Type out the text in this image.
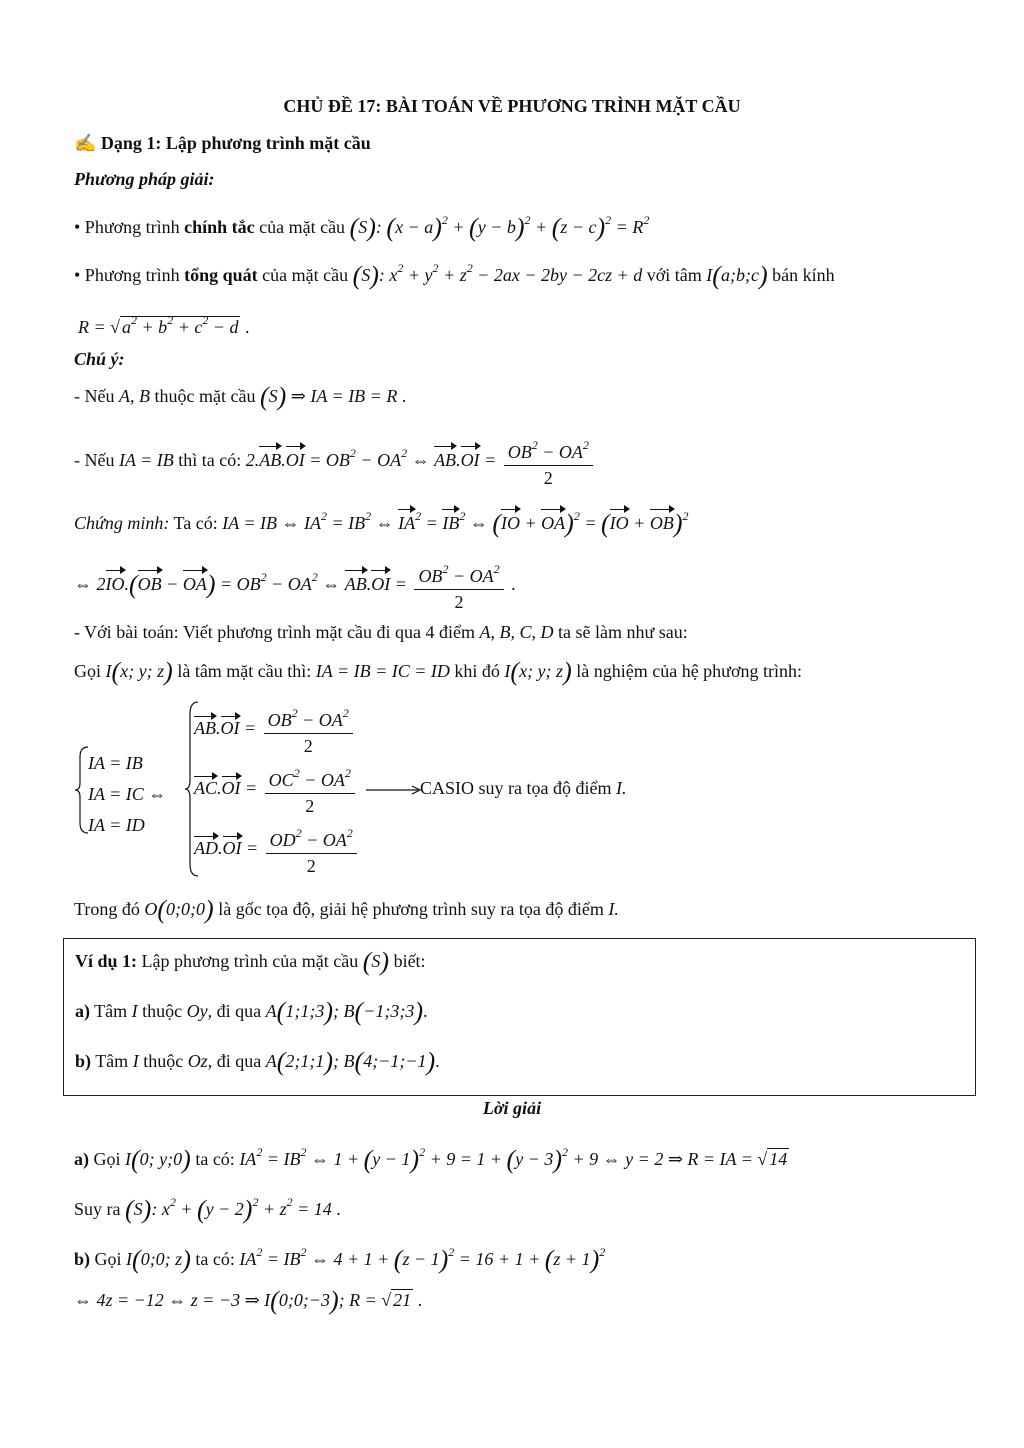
CHỦ ĐỀ 17: BÀI TOÁN VỀ PHƯƠNG TRÌNH MẶT CẦU
✍ Dạng 1: Lập phương trình mặt cầu
Phương pháp giải:
• Phương trình chính tắc của mặt cầu (S): $(x - a)^2 + (y - b)^2 + (z - c)^2 = R^2$
• Phương trình tổng quát của mặt cầu (S): $x^2 + y^2 + z^2 - 2ax - 2by - 2cz + d$ với tâm I(a;b;c) bán kính
R = √ $a^2 + b^2 + c^2 - d$ .
Chú ý:
- Nếu A, B thuộc mặt cầu (S) ⇒ IA = IB = R .
- Nếu IA = IB thì ta có: $2.AB.OI = OB^2 - OA^2$ ⇔ $AB.OI = \frac{OB^2 - OA^2}{2}$
Chứng minh: Ta có: IA = IB ⇔ $IA^2 = IB^2$ ⇔ $IA^2 = IB^2$ ⇔ (IO + OA)$^2$ = (IO + OB)$^2$
⇔ $2IO.(OB - OA) = OB^2 - OA^2$ ⇔ $AB.OI = \frac{OB^2 - OA^2}{2}$ .
- Với bài toán: Viết phương trình mặt cầu đi qua 4 điểm A, B, C, D ta sẽ làm như sau:
Gọi I(x; y; z) là tâm mặt cầu thì: IA = IB = IC = ID khi đó I(x; y; z) là nghiệm của hệ phương trình:
IA = IB
IA = IC ⇔
IA = ID
$AB.OI = \frac{OB^2 - OA^2}{2}$
$AC.OI = \frac{OC^2 - OA^2}{2}$
$AD.OI = \frac{OD^2 - OA^2}{2}$
CASIO suy ra tọa độ điểm I.
Trong đó O(0;0;0) là gốc tọa độ, giải hệ phương trình suy ra tọa độ điểm I.
Ví dụ 1: Lập phương trình của mặt cầu (S) biết:
a) Tâm I thuộc Oy, đi qua A(1;1;3); B(−1;3;3).
b) Tâm I thuộc Oz, đi qua A(2;1;1); B(4;−1;−1).
Lời giải
a) Gọi I(0; y;0) ta có: $IA^2 = IB^2$ ⇔ $1 + (y - 1)^2 + 9 = 1 + (y - 3)^2 + 9$ ⇔ y = 2 ⇒ R = IA = √ 14
Suy ra (S): $x^2 + (y - 2)^2 + z^2 = 14$ .
b) Gọi I(0;0; z) ta có: $IA^2 = IB^2$ ⇔ $4 + 1 + (z - 1)^2 = 16 + 1 + (z + 1)^2$
⇔ 4z = −12 ⇔ z = −3 ⇒ I(0;0;−3); R = √ 21 .
